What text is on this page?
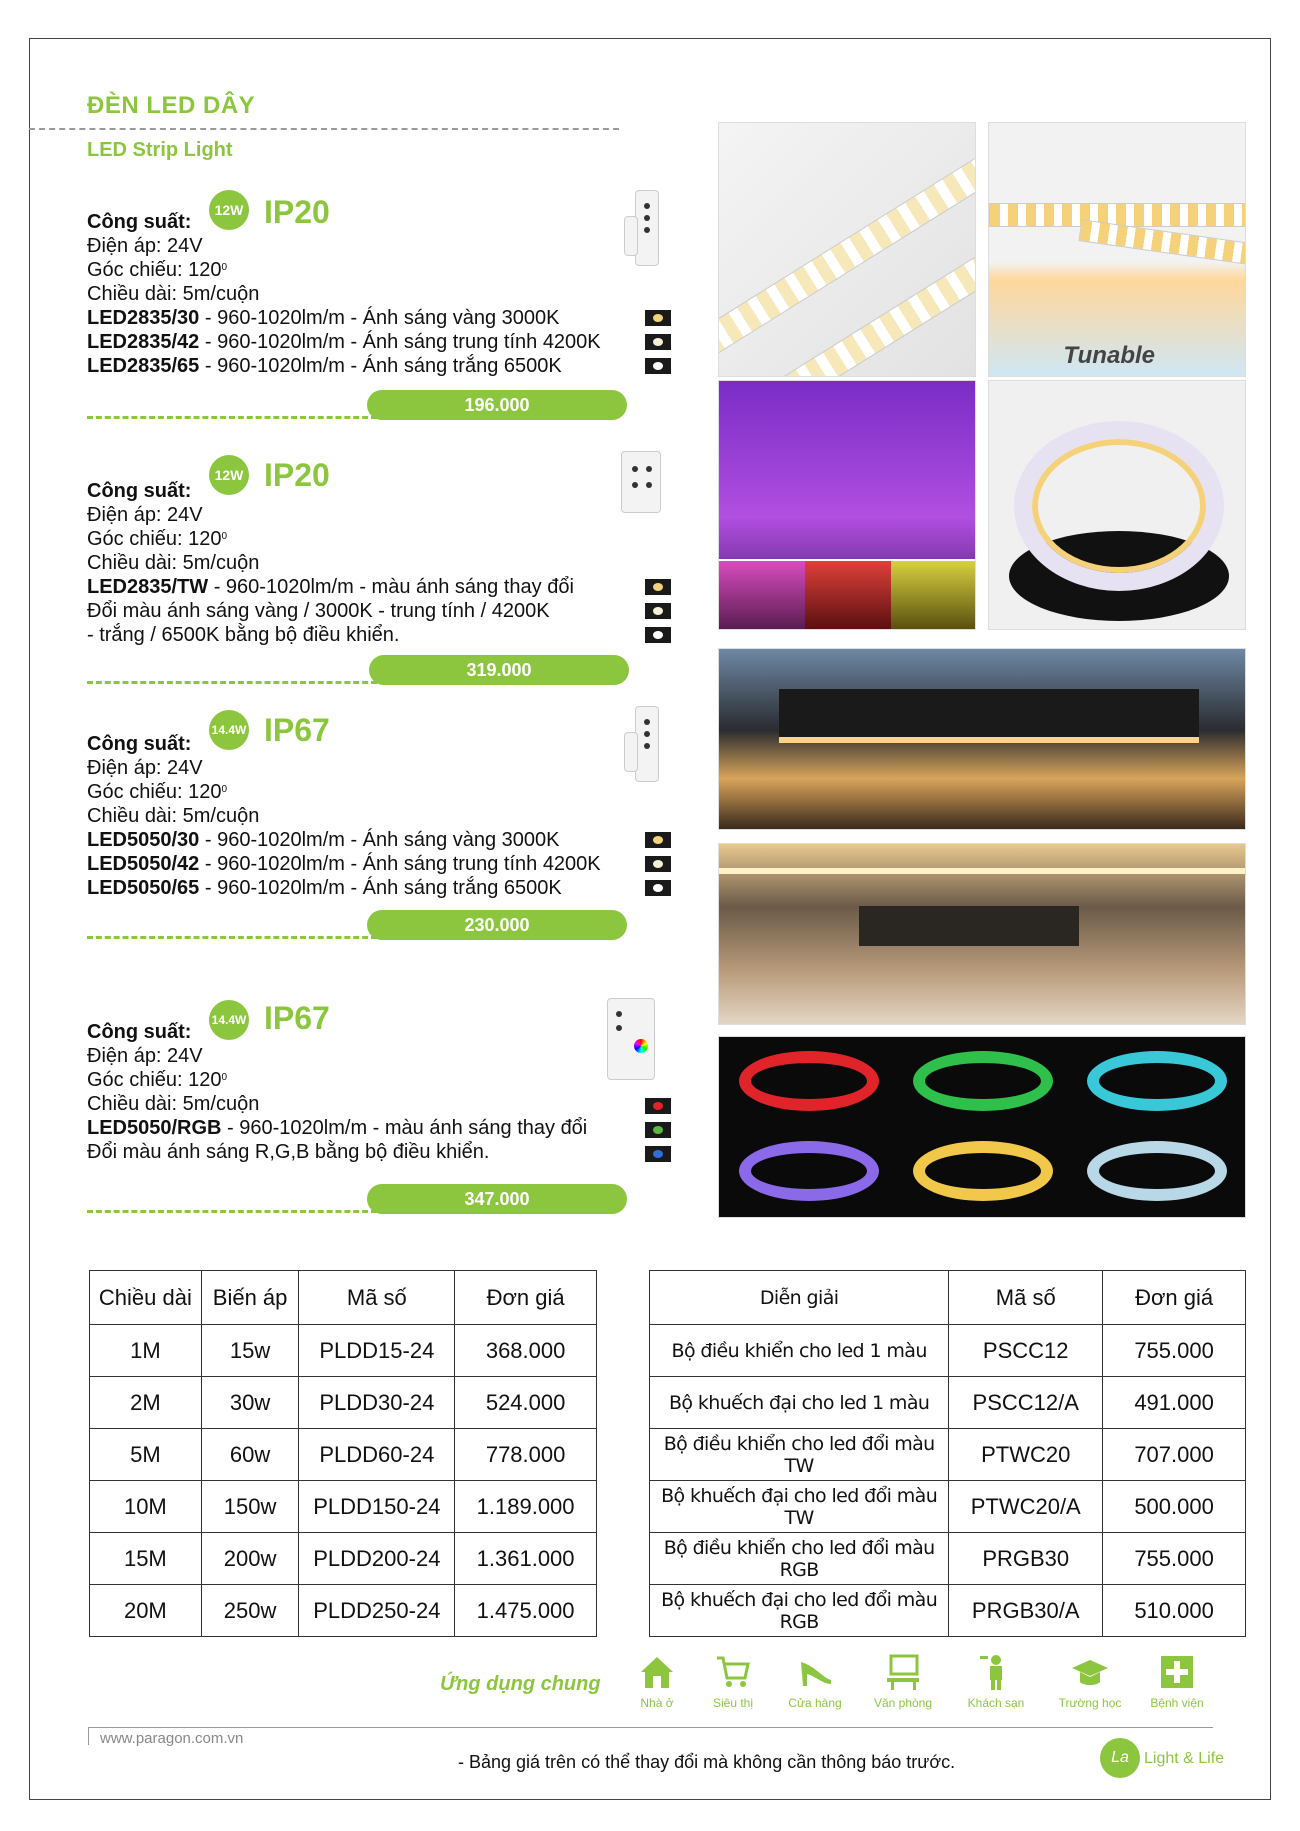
ĐÈN LED DÂY
LED Strip Light
Công suất:
12W IP20
Điện áp: 24V
Góc chiếu: $120^0$
Chiều dài: 5m/cuộn
LED2835/30 - 960-1020lm/m - Ánh sáng vàng 3000K
LED2835/42 - 960-1020lm/m - Ánh sáng trung tính 4200K
LED2835/65 - 960-1020lm/m - Ánh sáng trắng 6500K
196.000
Công suất:
12W IP20
Điện áp: 24V
Góc chiếu: $120^0$
Chiều dài: 5m/cuộn
LED2835/TW - 960-1020lm/m - màu ánh sáng thay đổi
Đổi màu ánh sáng vàng / 3000K - trung tính / 4200K
- trắng / 6500K bằng bộ điều khiển.
319.000
Công suất:
14.4W IP67
Điện áp: 24V
Góc chiếu: $120^0$
Chiều dài: 5m/cuộn
LED5050/30 - 960-1020lm/m - Ánh sáng vàng 3000K
LED5050/42 - 960-1020lm/m - Ánh sáng trung tính 4200K
LED5050/65 - 960-1020lm/m - Ánh sáng trắng 6500K
230.000
Công suất:
14.4W IP67
Điện áp: 24V
Góc chiếu: $120^0$
Chiều dài: 5m/cuộn
LED5050/RGB - 960-1020lm/m - màu ánh sáng thay đổi
Đổi màu ánh sáng R,G,B bằng bộ điều khiển.
347.000
Tunable
Chiều dài	Biến áp	Mã số	Đơn giá
1M	15w	PLDD15-24	368.000
2M	30w	PLDD30-24	524.000
5M	60w	PLDD60-24	778.000
10M	150w	PLDD150-24	1.189.000
15M	200w	PLDD200-24	1.361.000
20M	250w	PLDD250-24	1.475.000
Diễn giải	Mã số	Đơn giá
Bộ điều khiển cho led 1 màu	PSCC12	755.000
Bộ khuếch đại cho led 1 màu	PSCC12/A	491.000
Bộ điều khiển cho led đổi màu TW	PTWC20	707.000
Bộ khuếch đại cho led đổi màu TW	PTWC20/A	500.000
Bộ điều khiển cho led đổi màu RGB	PRGB30	755.000
Bộ khuếch đại cho led đổi màu RGB	PRGB30/A	510.000
Ứng dụng chung
Nhà ở	Siêu thị	Cửa hàng	Văn phòng	Khách sạn	Trường học	Bệnh viện
www.paragon.com.vn
- Bảng giá trên có thể thay đổi mà không cần thông báo trước.	La Light & Life
